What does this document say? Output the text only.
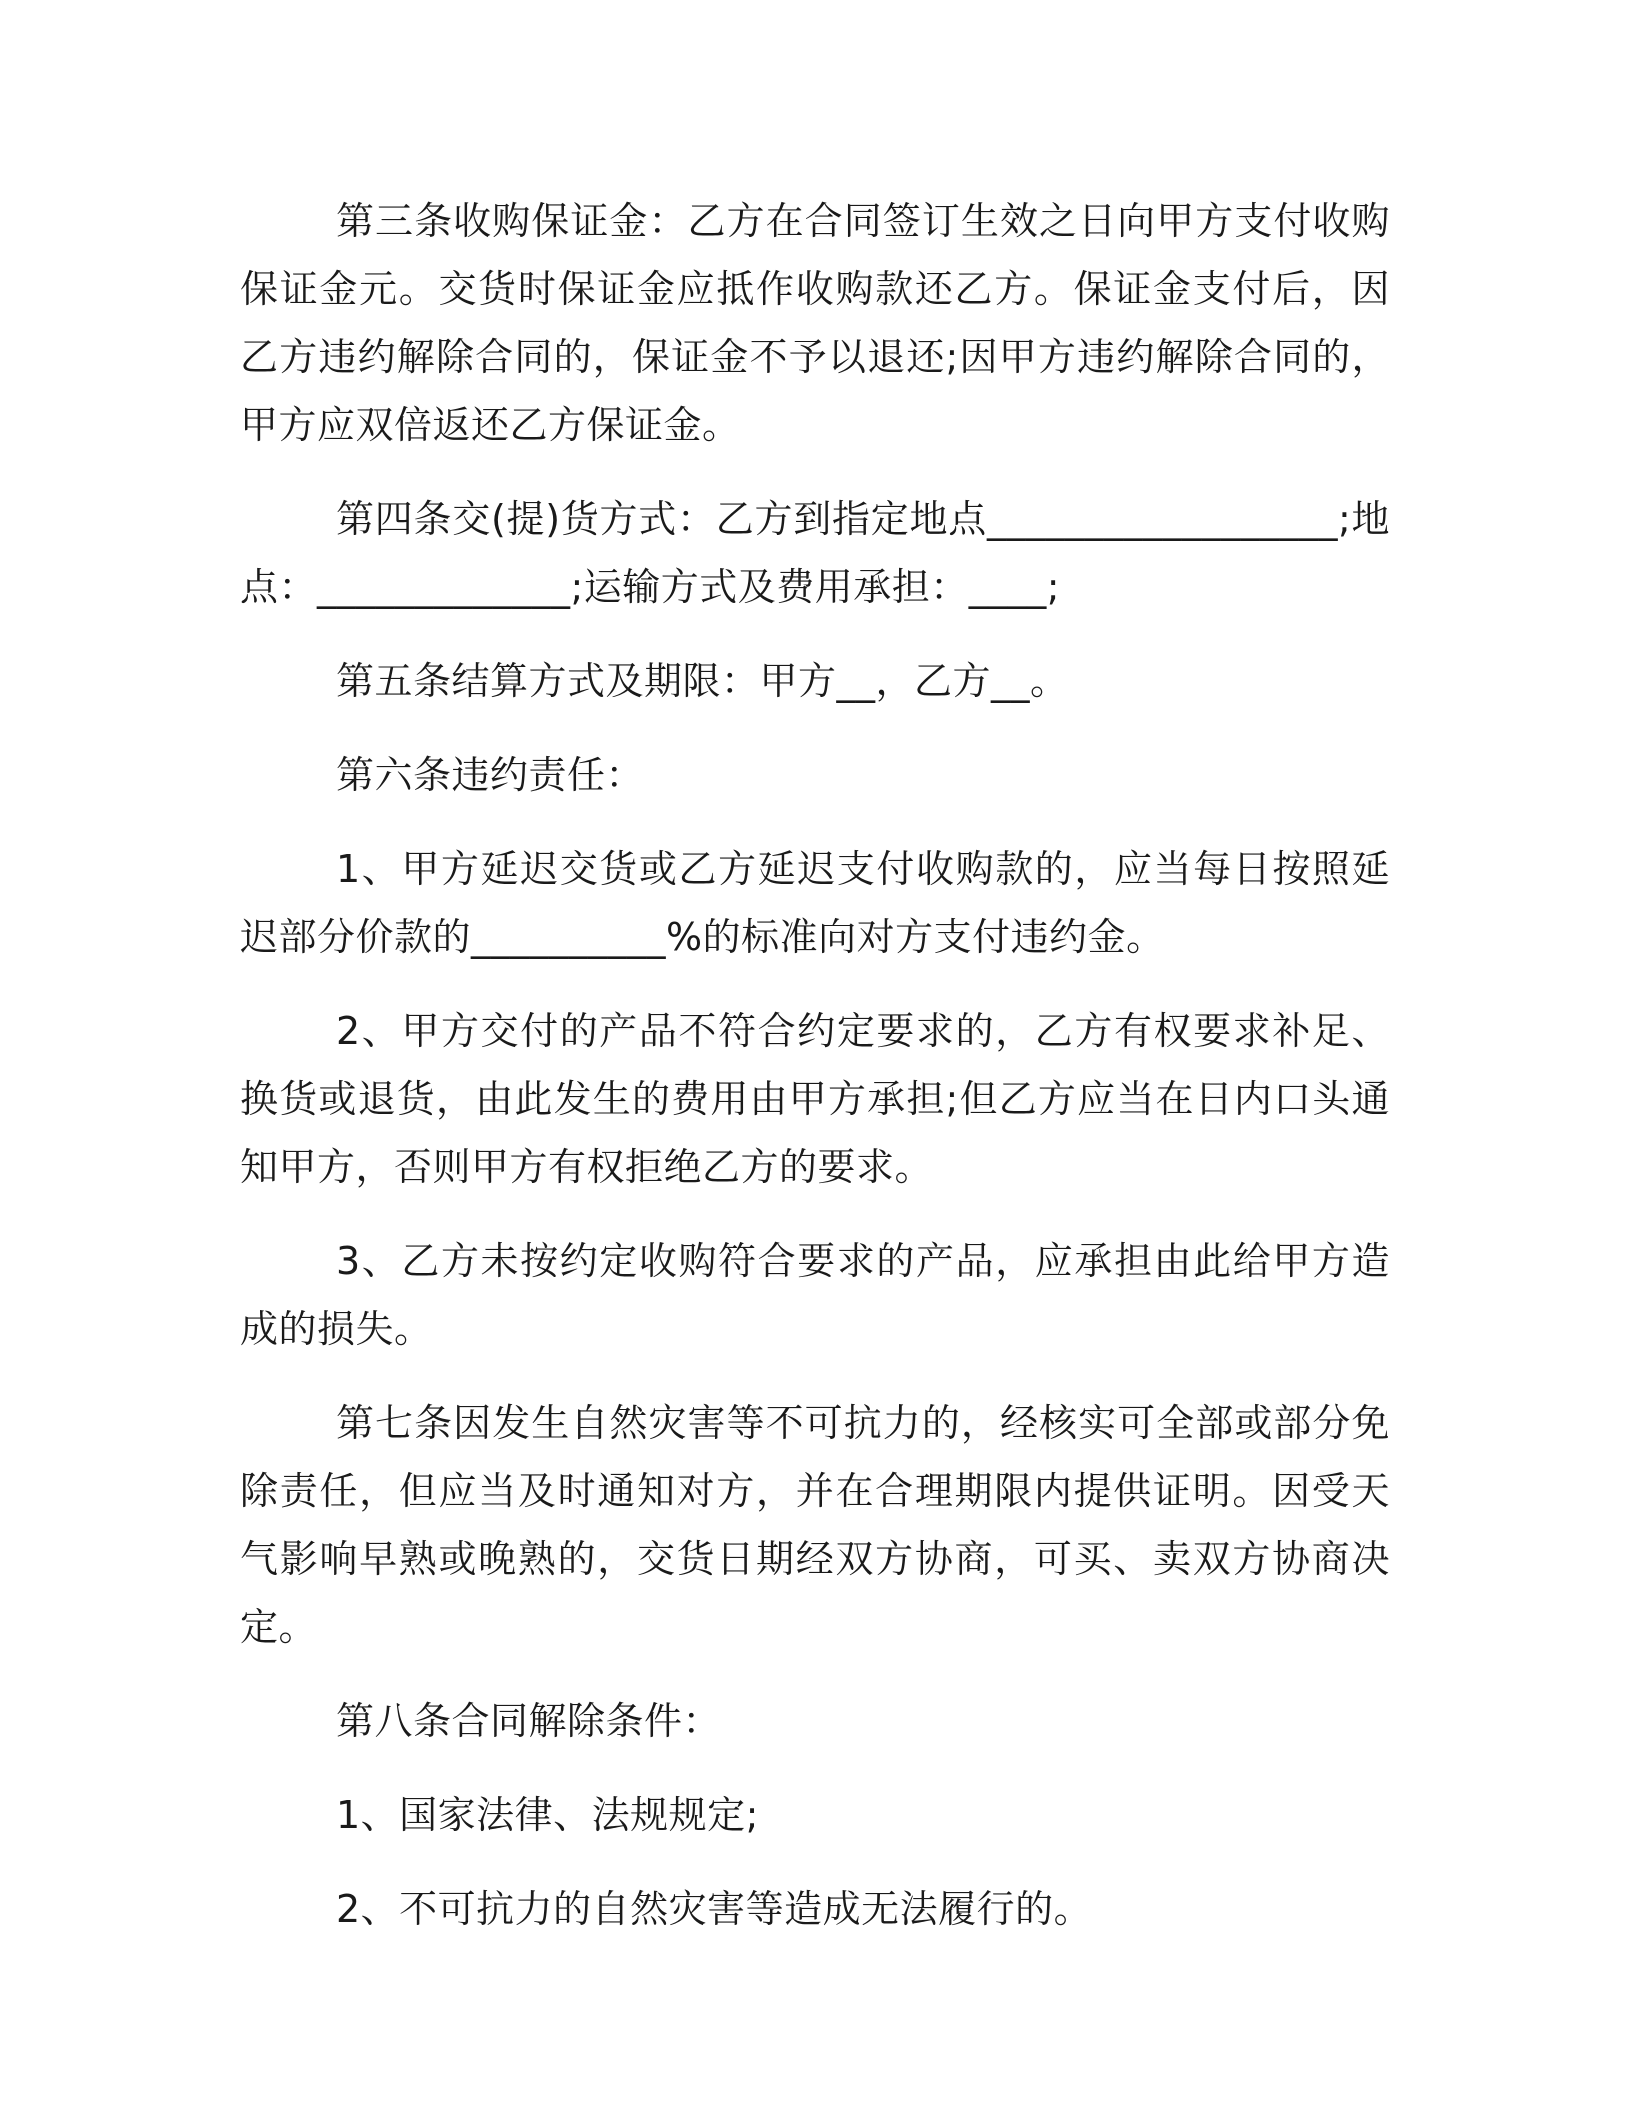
第三条收购保证金：乙方在合同签订生效之日向甲方支付收购保证金元。交货时保证金应抵作收购款还乙方。保证金支付后，因乙方违约解除合同的，保证金不予以退还;因甲方违约解除合同的，甲方应双倍返还乙方保证金。

第四条交(提)货方式：乙方到指定地点__________________;地点：_____________;运输方式及费用承担：____;

第五条结算方式及期限：甲方__，乙方__。

第六条违约责任：

1、甲方延迟交货或乙方延迟支付收购款的，应当每日按照延迟部分价款的__________%的标准向对方支付违约金。

2、甲方交付的产品不符合约定要求的，乙方有权要求补足、换货或退货，由此发生的费用由甲方承担;但乙方应当在日内口头通知甲方，否则甲方有权拒绝乙方的要求。

3、乙方未按约定收购符合要求的产品，应承担由此给甲方造成的损失。

第七条因发生自然灾害等不可抗力的，经核实可全部或部分免除责任，但应当及时通知对方，并在合理期限内提供证明。因受天气影响早熟或晚熟的，交货日期经双方协商，可买、卖双方协商决定。

第八条合同解除条件：

1、国家法律、法规规定;

2、不可抗力的自然灾害等造成无法履行的。
